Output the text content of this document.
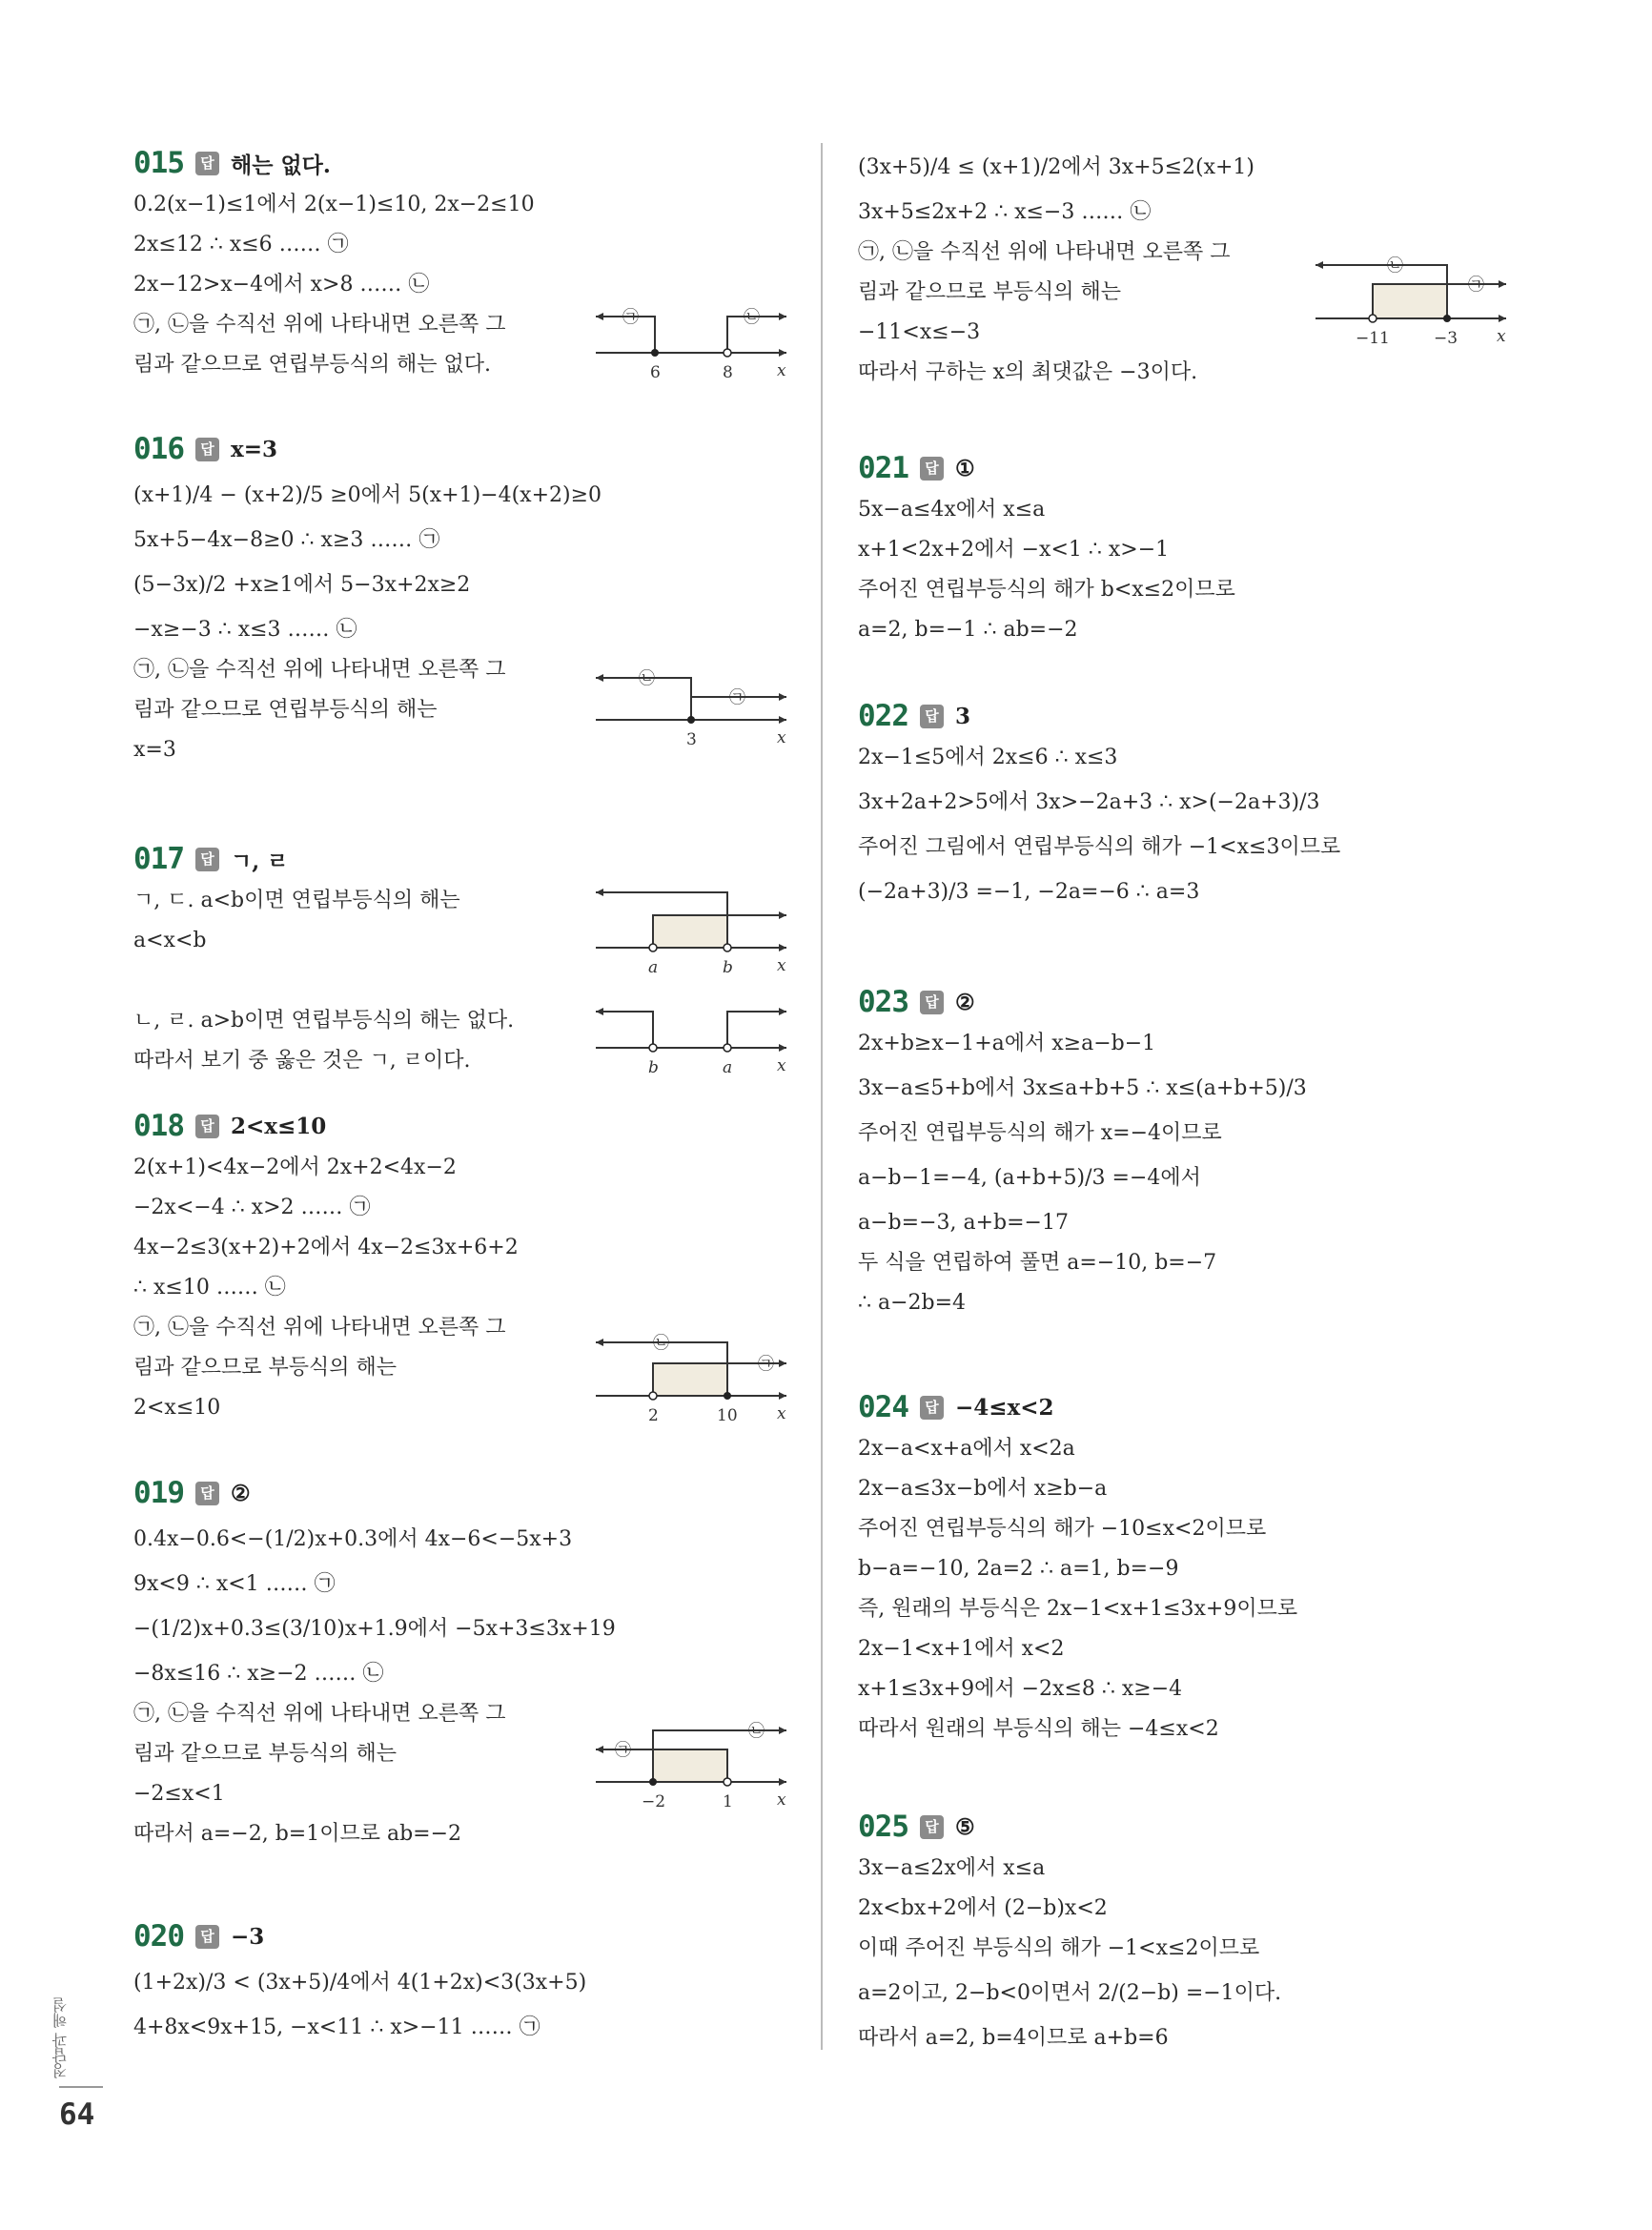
015	답 해는 없다.
0.2(x−1)≤1에서 2(x−1)≤10, 2x−2≤10
2x≤12 ∴ x≤6 …… ㉠
2x−12>x−4에서 x>8 …… ㉡
㉠, ㉡을 수직선 위에 나타내면 오른쪽 그
림과 같으므로 연립부등식의 해는 없다.	6	8	x
㉠	㉡
016	답 x=3
(x+1)/4 − (x+2)/5 ≥0에서 5(x+1)−4(x+2)≥0
5x+5−4x−8≥0 ∴ x≥3 …… ㉠
(5−3x)/2 +x≥1에서 5−3x+2x≥2
−x≥−3 ∴ x≤3 …… ㉡
㉠, ㉡을 수직선 위에 나타내면 오른쪽 그
림과 같으므로 연립부등식의 해는
x=3	3	x
㉡
㉠
017	답 ㄱ, ㄹ
ㄱ, ㄷ. a<b이면 연립부등식의 해는
a<x<b
ㄴ, ㄹ. a>b이면 연립부등식의 해는 없다.
따라서 보기 중 옳은 것은 ㄱ, ㄹ이다.
a	b	x
b	a	x
018	답 2<x≤10
2(x+1)<4x−2에서 2x+2<4x−2
−2x<−4 ∴ x>2 …… ㉠
4x−2≤3(x+2)+2에서 4x−2≤3x+6+2
∴ x≤10 …… ㉡
㉠, ㉡을 수직선 위에 나타내면 오른쪽 그
림과 같으므로 부등식의 해는
2<x≤10	2	10 x
㉡
㉠
019	답 ②
0.4x−0.6<−(1/2)x+0.3에서 4x−6<−5x+3
9x<9 ∴ x<1 …… ㉠
−(1/2)x+0.3≤(3/10)x+1.9에서 −5x+3≤3x+19
−8x≤16 ∴ x≥−2 …… ㉡
㉠, ㉡을 수직선 위에 나타내면 오른쪽 그
림과 같으므로 부등식의 해는
−2≤x<1
따라서 a=−2, b=1이므로 ab=−2
−2	1	x
㉠
㉡
020	답 −3
(1+2x)/3 < (3x+5)/4에서 4(1+2x)<3(3x+5)
4+8x<9x+15, −x<11 ∴ x>−11 …… ㉠
(3x+5)/4 ≤ (x+1)/2에서 3x+5≤2(x+1)
3x+5≤2x+2 ∴ x≤−3 …… ㉡
㉠, ㉡을 수직선 위에 나타내면 오른쪽 그
림과 같으므로 부등식의 해는
−11<x≤−3
따라서 구하는 x의 최댓값은 −3이다.
−11	−3 x
㉡
㉠
021	답 ①
5x−a≤4x에서 x≤a
x+1<2x+2에서 −x<1 ∴ x>−1
주어진 연립부등식의 해가 b<x≤2이므로
a=2, b=−1 ∴ ab=−2
022	답 3
2x−1≤5에서 2x≤6 ∴ x≤3
3x+2a+2>5에서 3x>−2a+3 ∴ x>(−2a+3)/3
주어진 그림에서 연립부등식의 해가 −1<x≤3이므로
(−2a+3)/3 =−1, −2a=−6 ∴ a=3
023	답 ②
2x+b≥x−1+a에서 x≥a−b−1
3x−a≤5+b에서 3x≤a+b+5 ∴ x≤(a+b+5)/3
주어진 연립부등식의 해가 x=−4이므로
a−b−1=−4, (a+b+5)/3 =−4에서
a−b=−3, a+b=−17
두 식을 연립하여 풀면 a=−10, b=−7
∴ a−2b=4
024	답 −4≤x<2
2x−a<x+a에서 x<2a
2x−a≤3x−b에서 x≥b−a
주어진 연립부등식의 해가 −10≤x<2이므로
b−a=−10, 2a=2 ∴ a=1, b=−9
즉, 원래의 부등식은 2x−1<x+1≤3x+9이므로
2x−1<x+1에서 x<2
x+1≤3x+9에서 −2x≤8 ∴ x≥−4
따라서 원래의 부등식의 해는 −4≤x<2
025	답 ⑤
3x−a≤2x에서 x≤a
2x<bx+2에서 (2−b)x<2
이때 주어진 부등식의 해가 −1<x≤2이므로
a=2이고, 2−b<0이면서 2/(2−b) =−1이다.
따라서 a=2, b=4이므로 a+b=6
정답과 해설
64
